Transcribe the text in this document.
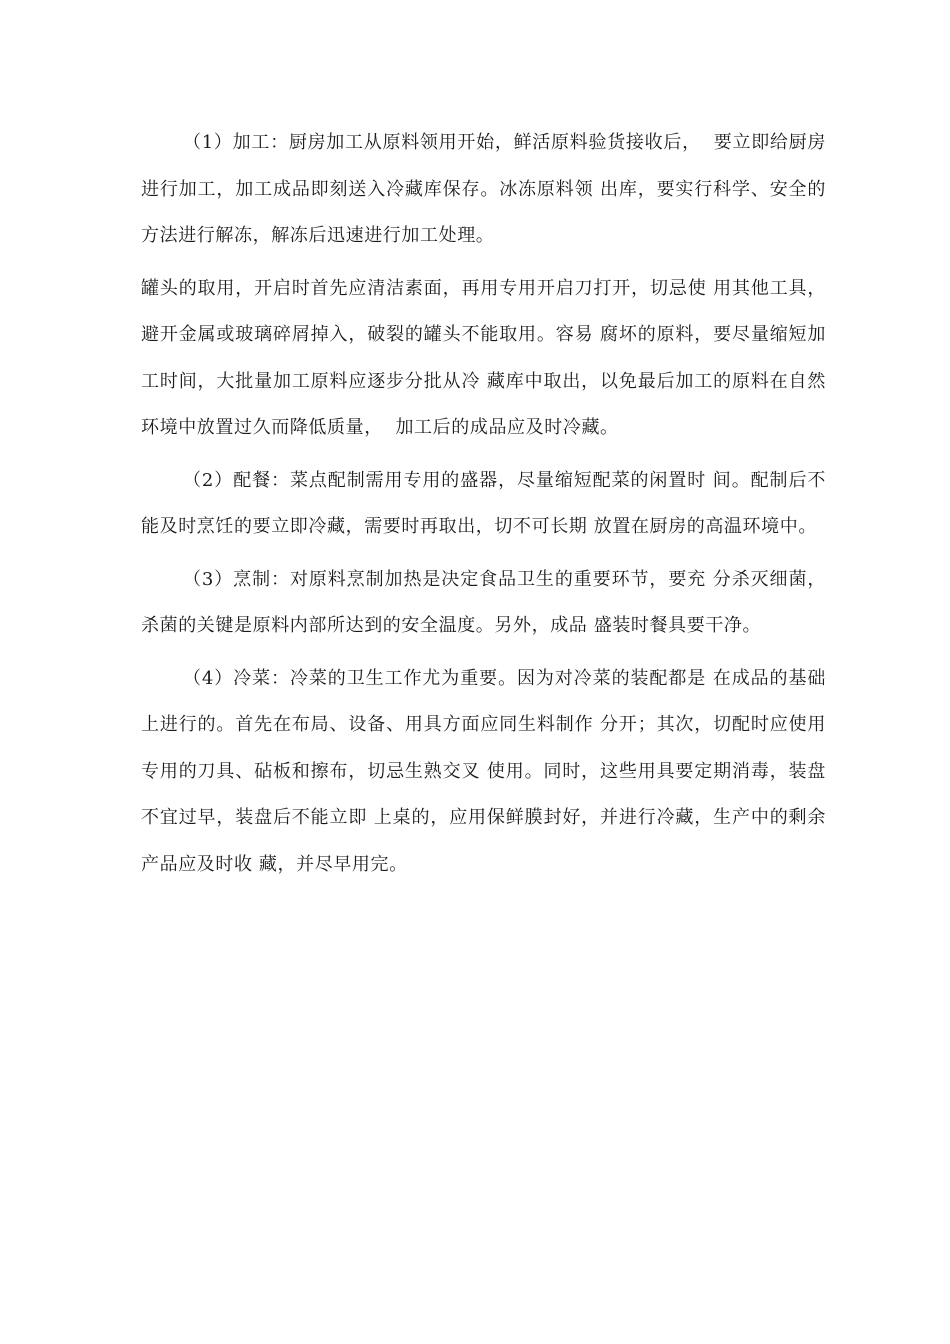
（1）加工：厨房加工从原料领用开始，鲜活原料验货接收后，  要立即给厨房进行加工，加工成品即刻送入冷藏库保存。冰冻原料领 出库，要实行科学、安全的方法进行解冻，解冻后迅速进行加工处理。

罐头的取用，开启时首先应清洁素面，再用专用开启刀打开，切忌使 用其他工具，避开金属或玻璃碎屑掉入，破裂的罐头不能取用。容易 腐坏的原料，要尽量缩短加工时间，大批量加工原料应逐步分批从冷 藏库中取出，以免最后加工的原料在自然环境中放置过久而降低质量，  加工后的成品应及时冷藏。

（2）配餐：菜点配制需用专用的盛器，尽量缩短配菜的闲置时 间。配制后不能及时烹饪的要立即冷藏，需要时再取出，切不可长期 放置在厨房的高温环境中。

（3）烹制：对原料烹制加热是决定食品卫生的重要环节，要充 分杀灭细菌，杀菌的关键是原料内部所达到的安全温度。另外，成品 盛装时餐具要干净。

（4）冷菜：冷菜的卫生工作尤为重要。因为对冷菜的装配都是 在成品的基础上进行的。首先在布局、设备、用具方面应同生料制作 分开；其次，切配时应使用专用的刀具、砧板和擦布，切忌生熟交叉 使用。同时，这些用具要定期消毒，装盘不宜过早，装盘后不能立即 上桌的，应用保鲜膜封好，并进行冷藏，生产中的剩余产品应及时收 藏，并尽早用完。
